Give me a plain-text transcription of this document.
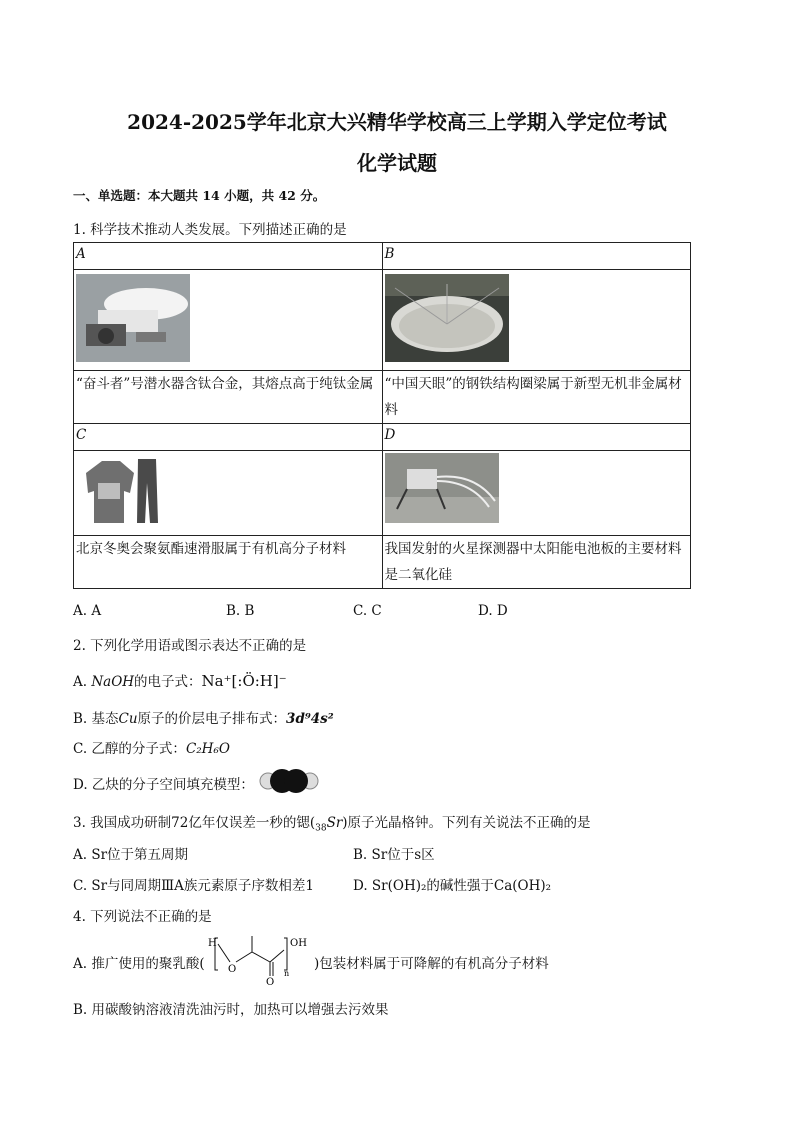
2024-2025学年北京大兴精华学校高三上学期入学定位考试
化学试题
一、单选题：本大题共 14 小题，共 42 分。
1. 科学技术推动人类发展。下列描述正确的是
A	B

“奋斗者”号潜水器含钛合金，其熔点高于纯钛金属	“中国天眼”的钢铁结构圈梁属于新型无机非金属材料
C	D

北京冬奥会聚氨酯速滑服属于有机高分子材料	我国发射的火星探测器中太阳能电池板的主要材料是二氧化硅
A. A	B. B	C. C	D. D
2. 下列化学用语或图示表达不正确的是
A. NaOH的电子式：Na⁺[:Ö:H]⁻
B. 基态Cu原子的价层电子排布式：3d⁹4s²
C. 乙醇的分子式：C₂H₆O
D. 乙炔的分子空间填充模型：
3. 我国成功研制72亿年仅误差一秒的锶$(_{38}Sr)$原子光晶格钟。下列有关说法不正确的是
A. Sr位于第五周期	B. Sr位于s区
C. Sr与同周期ⅢA族元素原子序数相差1	D. Sr(OH)₂的碱性强于Ca(OH)₂
4. 下列说法不正确的是
A. 推广使用的聚乳酸(
H
O
O
n
OH
)包装材料属于可降解的有机高分子材料
B. 用碳酸钠溶液清洗油污时，加热可以增强去污效果
